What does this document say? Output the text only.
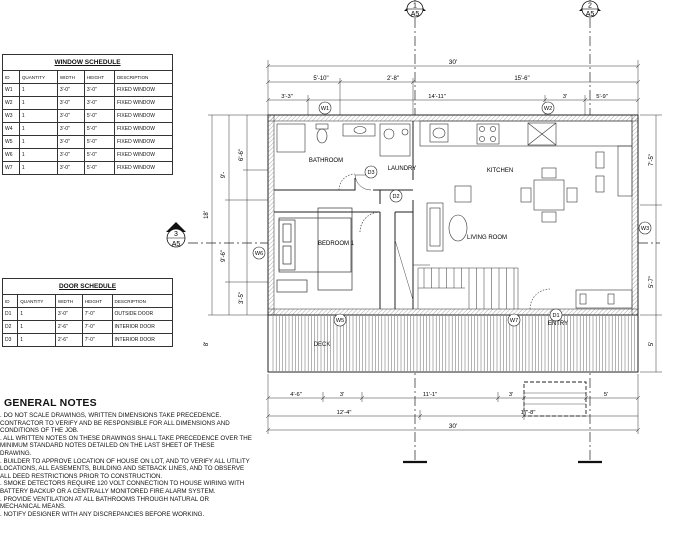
WINDOW SCHEDULE				
ID	QUANTITY	WIDTH	HEIGHT	DESCRIPTION
W1	1	3'-0"	3'-0"	FIXED WINDOW
W2	1	3'-0"	3'-0"	FIXED WINDOW
W3	1	3'-0"	5'-0"	FIXED WINDOW
W4	1	3'-0"	5'-0"	FIXED WINDOW
W5	1	3'-0"	5'-0"	FIXED WINDOW
W6	1	3'-0"	5'-0"	FIXED WINDOW
W7	1	3'-0"	5'-0"	FIXED WINDOW
DOOR SCHEDULE				
ID	QUANTITY	WIDTH	HEIGHT	DESCRIPTION
D1	1	3'-0"	7'-0"	OUTSIDE DOOR
D2	1	2'-6"	7'-0"	INTERIOR DOOR
D3	1	2'-6"	7'-0"	INTERIOR DOOR
GENERAL NOTES
. DO NOT SCALE DRAWINGS, WRITTEN DIMENSIONS TAKE PRECEDENCE.
CONTRACTOR TO VERIFY AND BE RESPONSIBLE FOR ALL DIMENSIONS AND
CONDITIONS OF THE JOB.
. ALL WRITTEN NOTES ON THESE DRAWINGS SHALL TAKE PRECEDENCE OVER THE
MINIMUM STANDARD NOTES DETAILED ON THE LAST SHEET OF THESE
DRAWING.
. BUILDER TO APPROVE LOCATION OF HOUSE ON LOT, AND TO VERIFY ALL UTILITY
LOCATIONS, ALL EASEMENTS, BUILDING AND SETBACK LINES, AND TO OBSERVE
ALL DEED RESTRICTIONS PRIOR TO CONSTRUCTION.
. SMOKE DETECTORS REQUIRE 120 VOLT CONNECTION TO HOUSE WIRING WITH
BATTERY BACKUP OR A CENTRALLY MONITORED FIRE ALARM SYSTEM.
. PROVIDE VENTILATION AT ALL BATHROOMS THROUGH NATURAL OR
MECHANICAL MEANS.
. NOTIFY DESIGNER WITH ANY DISCREPANCIES BEFORE WORKING.
1
A5
2
A5
3
A5
30'
5'-10"	2'-8"	15'-6"
3'-3"	14'-11"	3'	5'-9"
18'
9'-
9'-6"
3'-5"
6'-6"
8'
7'-5"
5'-7"
5'
DECK
W1	W2
W3
W6
W5	W7
D1
D2
D3
BATHROOM
LAUNDRY	KITCHEN
BEDROOM 1
LIVING ROOM
ENTRY
4'-6"	3'	11'-1"	3'	5'
12'-4"	17'-8"
30'
